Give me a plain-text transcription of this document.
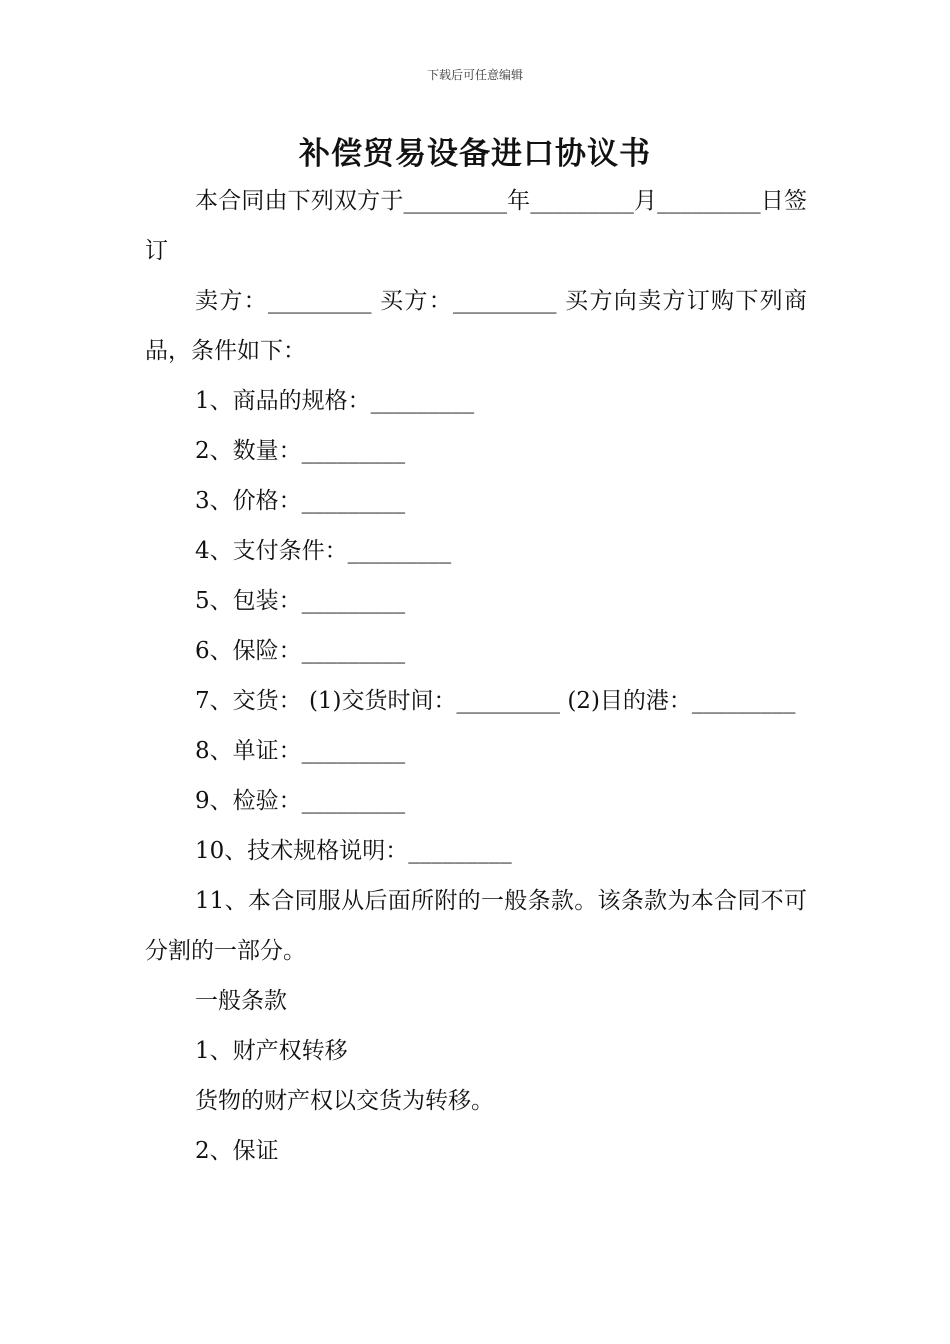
下载后可任意编辑
补偿贸易设备进口协议书

本合同由下列双方于_________年_________月_________日签订

卖方：_________ 买方：_________ 买方向卖方订购下列商品，条件如下：

1、商品的规格：_________

2、数量：_________

3、价格：_________

4、支付条件：_________

5、包装：_________

6、保险：_________

7、交货： (1)交货时间：_________ (2)目的港：_________

8、单证：_________

9、检验：_________

10、技术规格说明：_________

11、本合同服从后面所附的一般条款。该条款为本合同不可分割的一部分。

一般条款

1、财产权转移

货物的财产权以交货为转移。

2、保证
